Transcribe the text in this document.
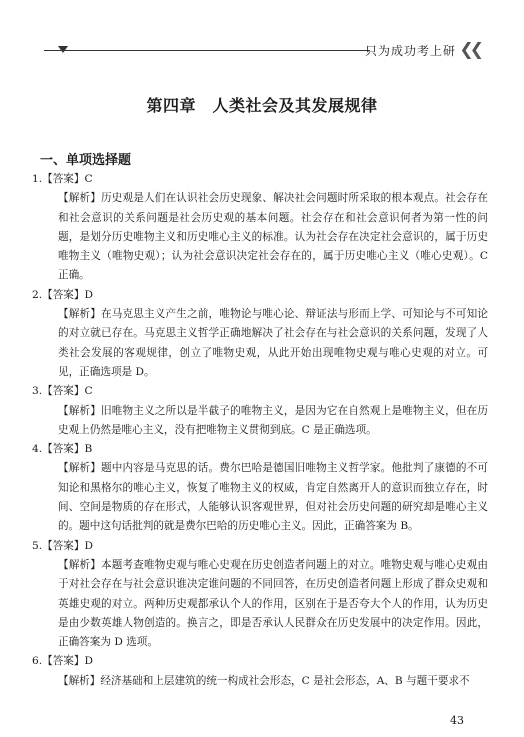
只为成功考上研 ❮❮
第四章　人类社会及其发展规律
一、单项选择题
1.【答案】C
【解析】历史观是人们在认识社会历史现象、解决社会问题时所采取的根本观点。社会存在和社会意识的关系问题是社会历史观的基本问题。社会存在和社会意识何者为第一性的问题，是划分历史唯物主义和历史唯心主义的标准。认为社会存在决定社会意识的，属于历史唯物主义（唯物史观）；认为社会意识决定社会存在的，属于历史唯心主义（唯心史观）。C 正确。
2.【答案】D
【解析】在马克思主义产生之前，唯物论与唯心论、辩证法与形而上学、可知论与不可知论的对立就已存在。马克思主义哲学正确地解决了社会存在与社会意识的关系问题，发现了人类社会发展的客观规律，创立了唯物史观，从此开始出现唯物史观与唯心史观的对立。可见，正确选项是 D。
3.【答案】C
【解析】旧唯物主义之所以是半截子的唯物主义，是因为它在自然观上是唯物主义，但在历史观上仍然是唯心主义，没有把唯物主义贯彻到底。C 是正确选项。
4.【答案】B
【解析】题中内容是马克思的话。费尔巴哈是德国旧唯物主义哲学家。他批判了康德的不可知论和黑格尔的唯心主义，恢复了唯物主义的权威，肯定自然离开人的意识而独立存在，时间、空间是物质的存在形式，人能够认识客观世界，但对社会历史问题的研究却是唯心主义的。题中这句话批判的就是费尔巴哈的历史唯心主义。因此，正确答案为 B。
5.【答案】D
【解析】本题考查唯物史观与唯心史观在历史创造者问题上的对立。唯物史观与唯心史观由于对社会存在与社会意识谁决定谁问题的不同回答，在历史创造者问题上形成了群众史观和英雄史观的对立。两种历史观都承认个人的作用，区别在于是否夸大个人的作用，认为历史是由少数英雄人物创造的。换言之，即是否承认人民群众在历史发展中的决定作用。因此，正确答案为 D 选项。
6.【答案】D
【解析】经济基础和上层建筑的统一构成社会形态，C 是社会形态，A、B 与题干要求不
43
